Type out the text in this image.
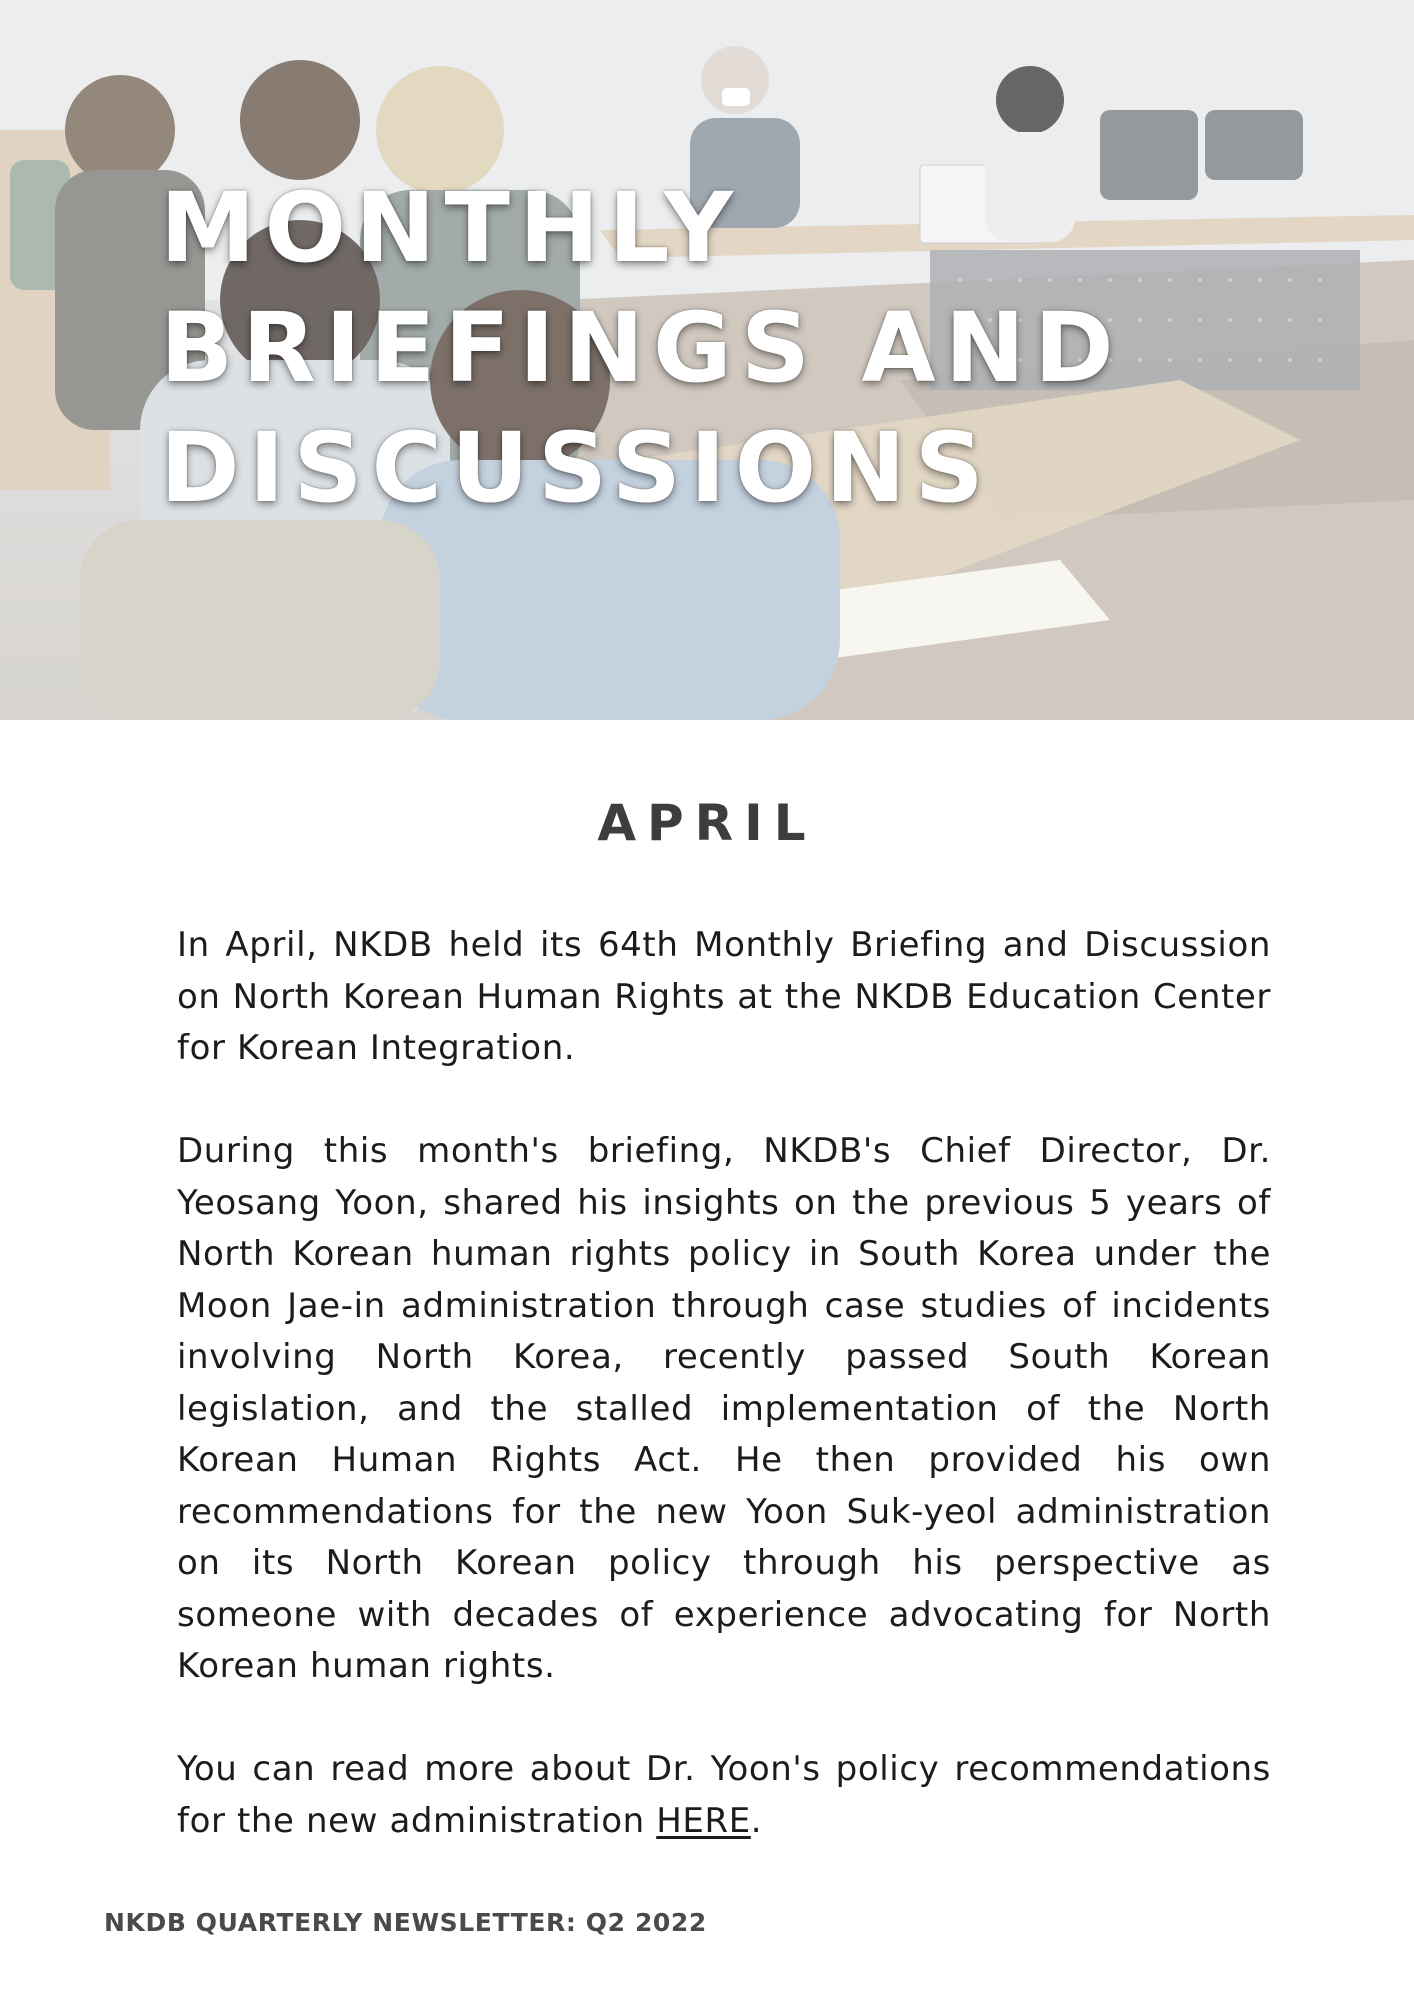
MONTHLY
BRIEFINGS AND
DISCUSSIONS
APRIL

In April, NKDB held its 64th Monthly Briefing and Discussion on North Korean Human Rights at the NKDB Education Center for Korean Integration.

During this month's briefing, NKDB's Chief Director, Dr. Yeosang Yoon, shared his insights on the previous 5 years of North Korean human rights policy in South Korea under the Moon Jae-in administration through case studies of incidents involving North Korea, recently passed South Korean legislation, and the stalled implementation of the North Korean Human Rights Act. He then provided his own recommendations for the new Yoon Suk-yeol administration on its North Korean policy through his perspective as someone with decades of experience advocating for North Korean human rights.

You can read more about Dr. Yoon's policy recommendations for the new administration HERE.

NKDB QUARTERLY NEWSLETTER: Q2 2022
